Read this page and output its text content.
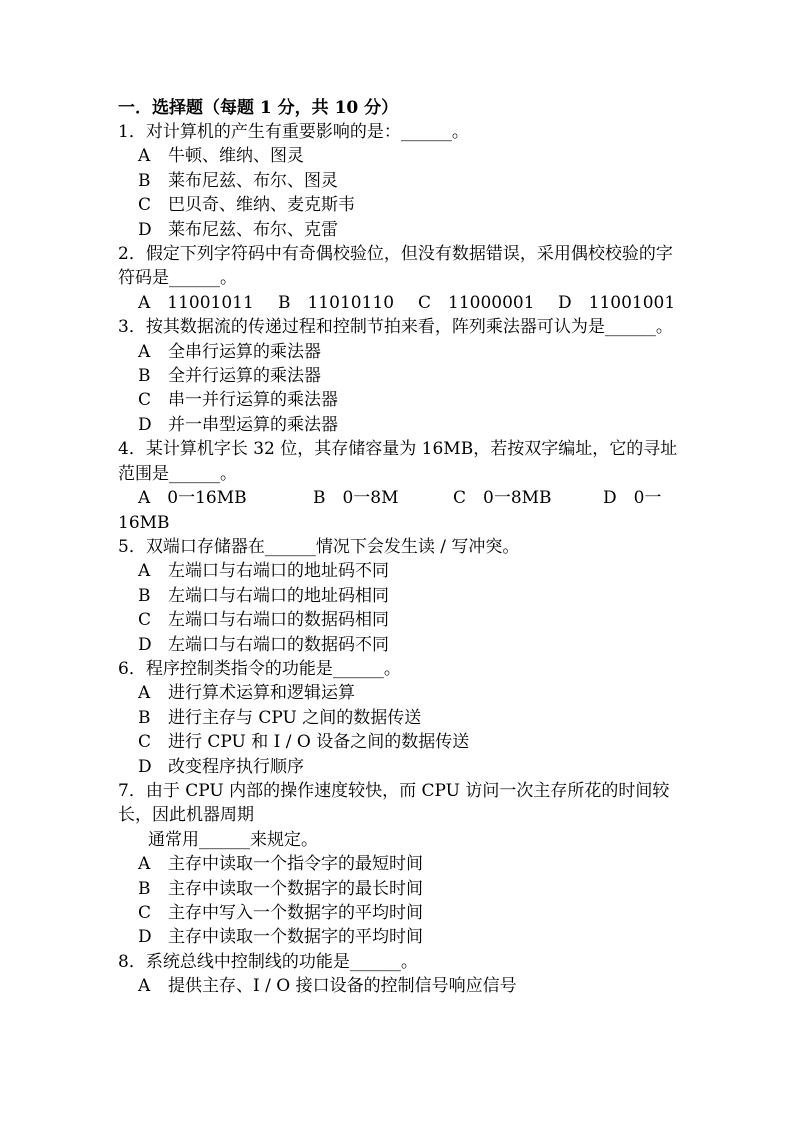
一．选择题（每题 1 分，共 10 分）
1．对计算机的产生有重要影响的是：______。
A 牛顿、维纳、图灵
B 莱布尼兹、布尔、图灵
C 巴贝奇、维纳、麦克斯韦
D 莱布尼兹、布尔、克雷
2．假定下列字符码中有奇偶校验位，但没有数据错误，采用偶校校验的字符码是______。
A　11001011	B　11010110	C　11000001	D　11001001
3．按其数据流的传递过程和控制节拍来看，阵列乘法器可认为是______。
A 全串行运算的乘法器
B 全并行运算的乘法器
C 串一并行运算的乘法器
D 并一串型运算的乘法器
4．某计算机字长 32 位，其存储容量为 16MB，若按双字编址，它的寻址范围是______。
A　0一16MB	B　0一8M	C　0一8MB	D　0一
16MB
5．双端口存储器在______情况下会发生读 / 写冲突。
A 左端口与右端口的地址码不同
B 左端口与右端口的地址码相同
C 左端口与右端口的数据码相同
D 左端口与右端口的数据码不同
6．程序控制类指令的功能是______。
A 进行算术运算和逻辑运算
B 进行主存与 CPU 之间的数据传送
C 进行 CPU 和 I / O 设备之间的数据传送
D 改变程序执行顺序
7．由于 CPU 内部的操作速度较快，而 CPU 访问一次主存所花的时间较长，因此机器周期
通常用______来规定。
A 主存中读取一个指令字的最短时间
B 主存中读取一个数据字的最长时间
C 主存中写入一个数据字的平均时间
D 主存中读取一个数据字的平均时间
8．系统总线中控制线的功能是______。
A 提供主存、I / O 接口设备的控制信号响应信号
